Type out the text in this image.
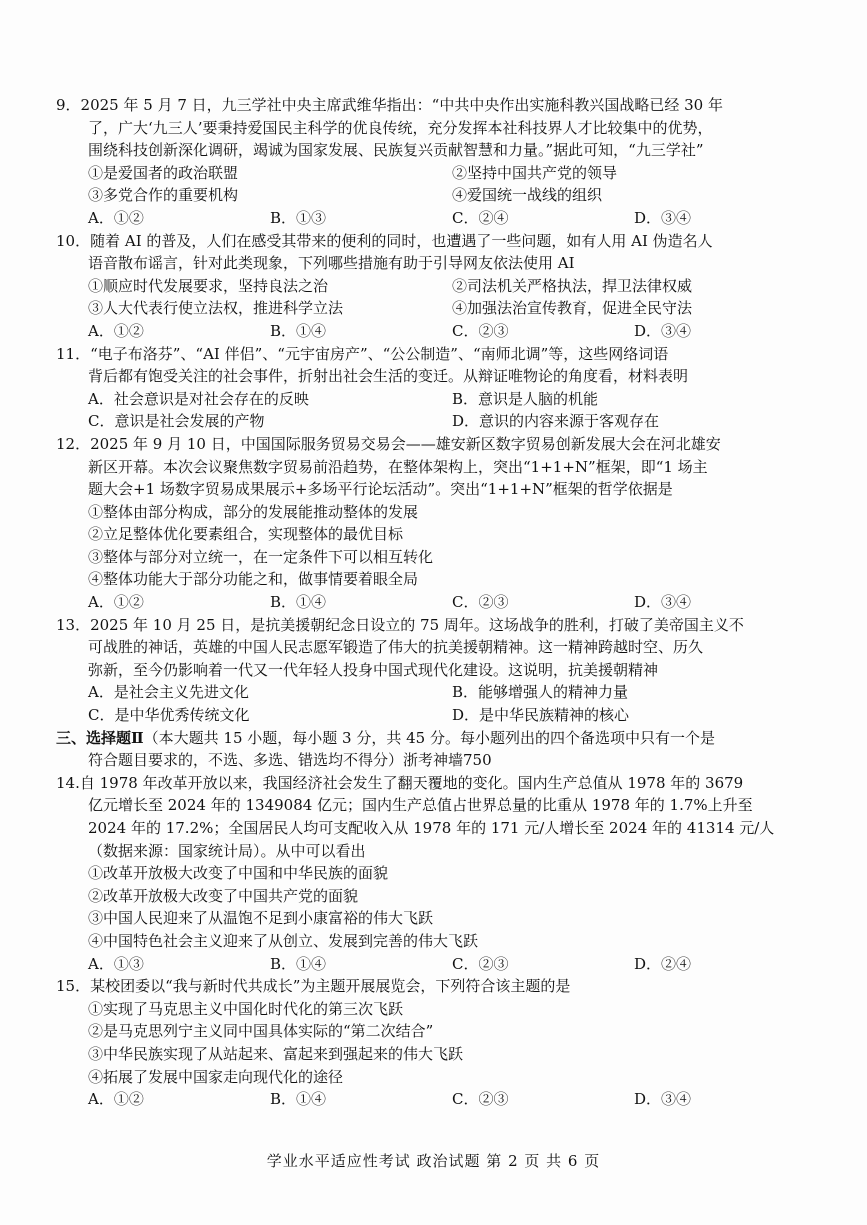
9．2025 年 5 月 7 日，九三学社中央主席武维华指出：“中共中央作出实施科教兴国战略已经 30 年
了，广大‘九三人’要秉持爱国民主科学的优良传统，充分发挥本社科技界人才比较集中的优势，
围绕科技创新深化调研，竭诚为国家发展、民族复兴贡献智慧和力量。”据此可知，“九三学社”
①是爱国者的政治联盟	②坚持中国共产党的领导
③多党合作的重要机构	④爱国统一战线的组织
A．①②	B．①③	C．②④	D．③④
10．随着 AI 的普及，人们在感受其带来的便利的同时，也遭遇了一些问题，如有人用 AI 伪造名人
语音散布谣言，针对此类现象，下列哪些措施有助于引导网友依法使用 AI
①顺应时代发展要求，坚持良法之治	②司法机关严格执法，捍卫法律权威
③人大代表行使立法权，推进科学立法	④加强法治宣传教育，促进全民守法
A．①②	B．①④	C．②③	D．③④
11．“电子布洛芬”、“AI 伴侣”、“元宇宙房产”、“公公制造”、“南师北调”等，这些网络词语
背后都有饱受关注的社会事件，折射出社会生活的变迁。从辩证唯物论的角度看，材料表明
A．社会意识是对社会存在的反映	B．意识是人脑的机能
C．意识是社会发展的产物	D．意识的内容来源于客观存在
12．2025 年 9 月 10 日，中国国际服务贸易交易会——雄安新区数字贸易创新发展大会在河北雄安
新区开幕。本次会议聚焦数字贸易前沿趋势，在整体架构上，突出“1+1+N”框架，即“1 场主
题大会+1 场数字贸易成果展示+多场平行论坛活动”。突出“1+1+N”框架的哲学依据是
①整体由部分构成，部分的发展能推动整体的发展
②立足整体优化要素组合，实现整体的最优目标
③整体与部分对立统一，在一定条件下可以相互转化
④整体功能大于部分功能之和，做事情要着眼全局
A．①②	B．①④	C．②③	D．③④
13．2025 年 10 月 25 日，是抗美援朝纪念日设立的 75 周年。这场战争的胜利，打破了美帝国主义不
可战胜的神话，英雄的中国人民志愿军锻造了伟大的抗美援朝精神。这一精神跨越时空、历久
弥新，至今仍影响着一代又一代年轻人投身中国式现代化建设。这说明，抗美援朝精神
A．是社会主义先进文化	B．能够增强人的精神力量
C．是中华优秀传统文化	D．是中华民族精神的核心
三、选择题Ⅱ（本大题共 15 小题，每小题 3 分，共 45 分。每小题列出的四个备选项中只有一个是
符合题目要求的，不选、多选、错选均不得分）浙考神墙750
14.自 1978 年改革开放以来，我国经济社会发生了翻天覆地的变化。国内生产总值从 1978 年的 3679
亿元增长至 2024 年的 1349084 亿元；国内生产总值占世界总量的比重从 1978 年的 1.7%上升至
2024 年的 17.2%；全国居民人均可支配收入从 1978 年的 171 元/人增长至 2024 年的 41314 元/人
（数据来源：国家统计局）。从中可以看出
①改革开放极大改变了中国和中华民族的面貌
②改革开放极大改变了中国共产党的面貌
③中国人民迎来了从温饱不足到小康富裕的伟大飞跃
④中国特色社会主义迎来了从创立、发展到完善的伟大飞跃
A．①③	B．①④	C．②③	D．②④
15．某校团委以“我与新时代共成长”为主题开展展览会，下列符合该主题的是
①实现了马克思主义中国化时代化的第三次飞跃
②是马克思列宁主义同中国具体实际的“第二次结合”
③中华民族实现了从站起来、富起来到强起来的伟大飞跃
④拓展了发展中国家走向现代化的途径
A．①②	B．①④	C．②③	D．③④
学业水平适应性考试 政治试题 第 2 页 共 6 页
